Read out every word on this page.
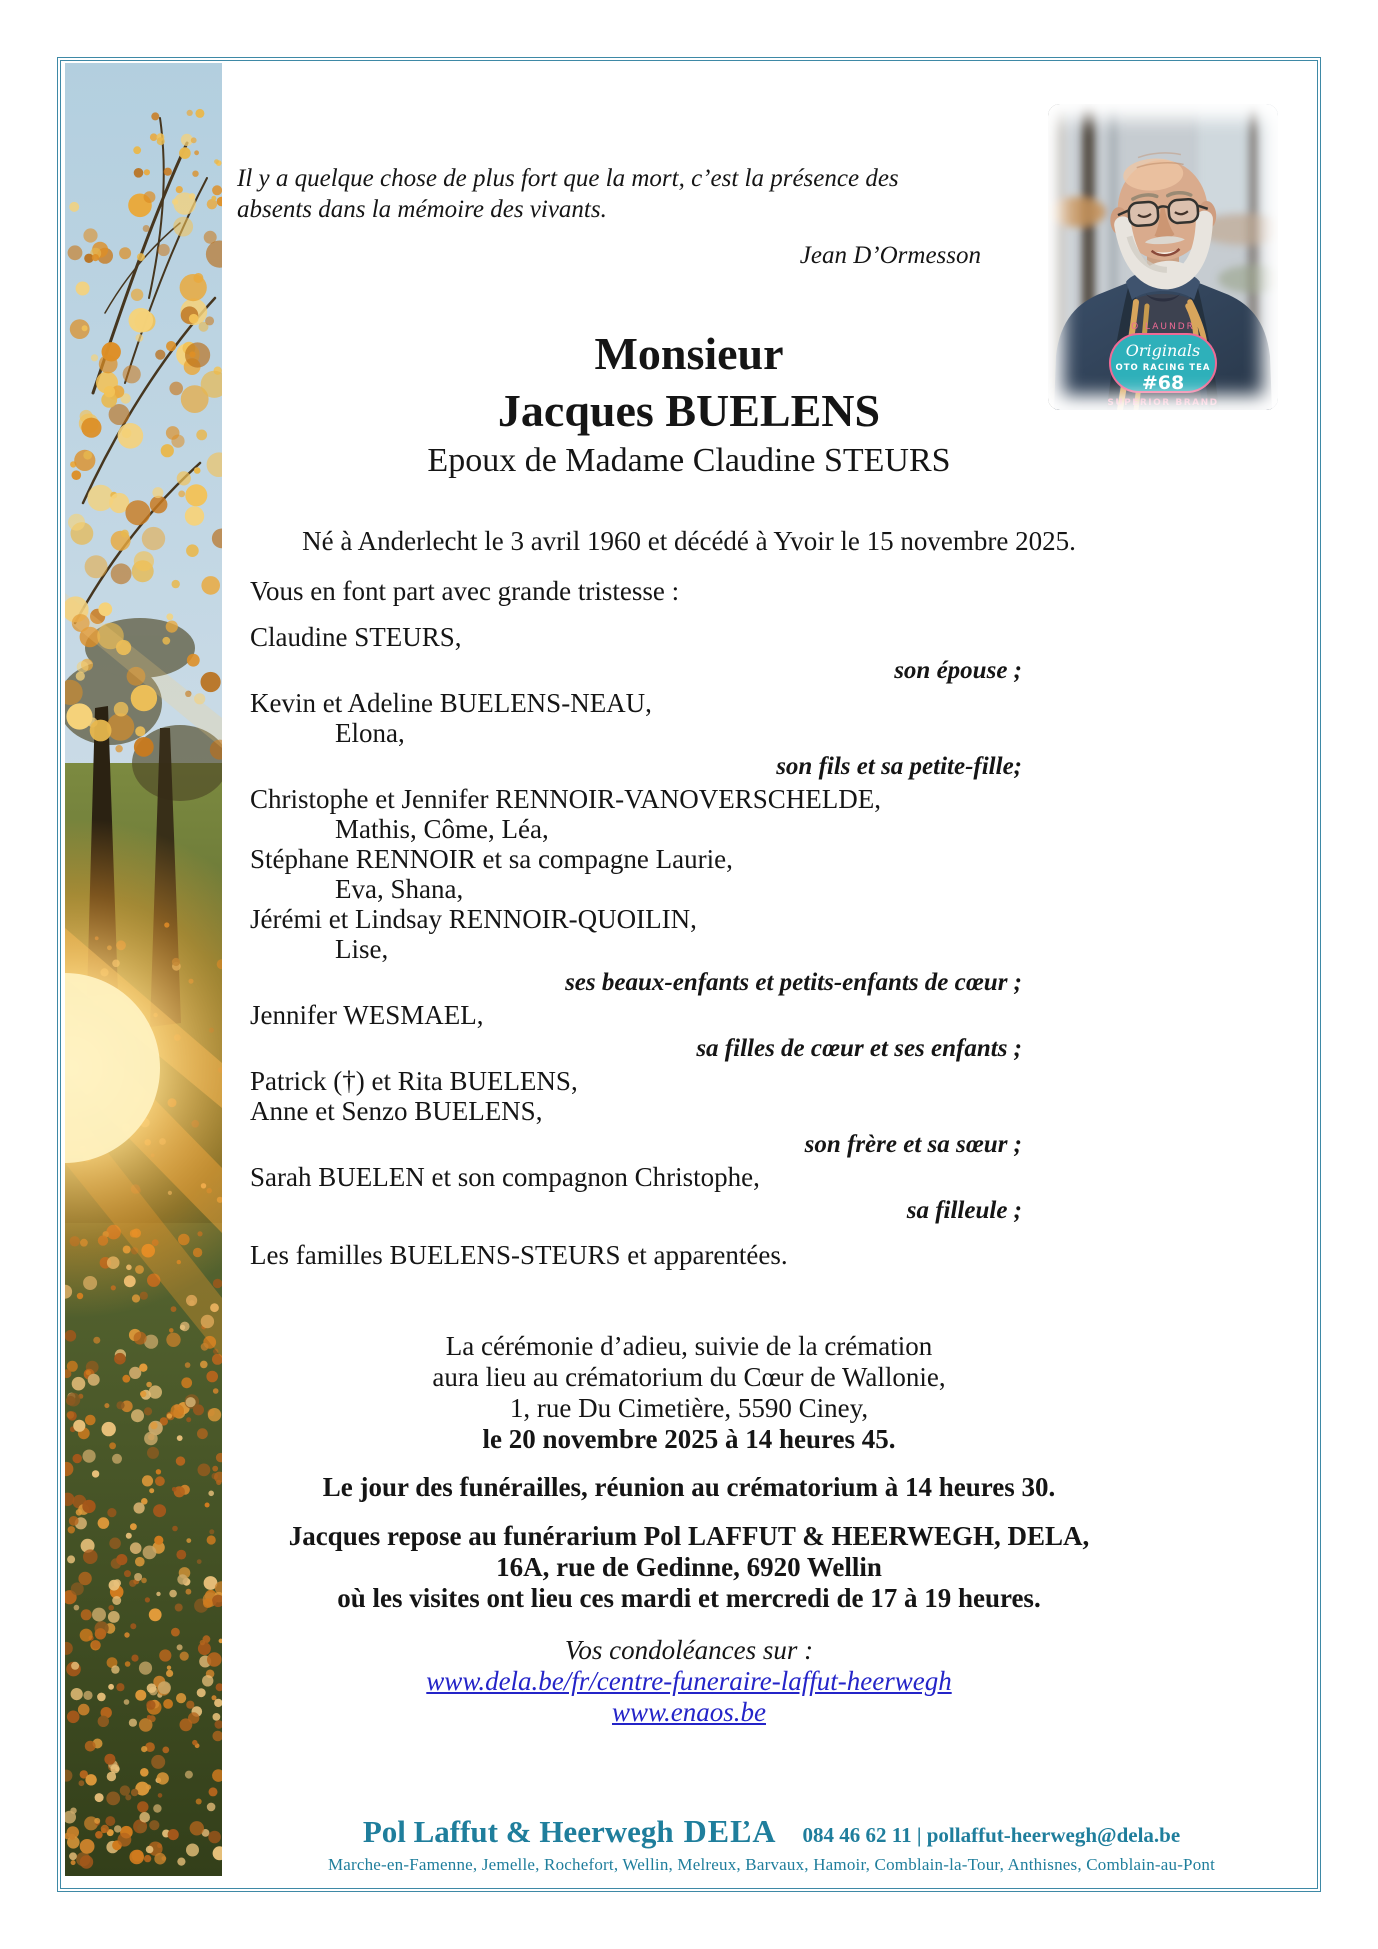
O LAUNDR
Originals
OTO RACING TEA
#68
SUPERIOR BRAND
Il y a quelque chose de plus fort que la mort, c’est la présence des
absents dans la mémoire des vivants.
Jean D’Ormesson
Monsieur
Jacques BUELENS
Epoux de Madame Claudine STEURS
Né à Anderlecht le 3 avril 1960 et décédé à Yvoir le 15 novembre 2025.
Vous en font part avec grande tristesse :
Claudine STEURS,
son épouse ;
Kevin et Adeline BUELENS-NEAU,
Elona,
son fils et sa petite-fille;
Christophe et Jennifer RENNOIR-VANOVERSCHELDE,
Mathis, Côme, Léa,
Stéphane RENNOIR et sa compagne Laurie,
Eva, Shana,
Jérémi et Lindsay RENNOIR-QUOILIN,
Lise,
ses beaux-enfants et petits-enfants de cœur ;
Jennifer WESMAEL,
sa filles de cœur et ses enfants ;
Patrick (†) et Rita BUELENS,
Anne et Senzo BUELENS,
son frère et sa sœur ;
Sarah BUELEN et son compagnon Christophe,
sa filleule ;
Les familles BUELENS-STEURS et apparentées.
La cérémonie d’adieu, suivie de la crémation
aura lieu au crématorium du Cœur de Wallonie,
1, rue Du Cimetière, 5590 Ciney,
le 20 novembre 2025 à 14 heures 45.
Le jour des funérailles, réunion au crématorium à 14 heures 30.
Jacques repose au funérarium Pol LAFFUT & HEERWEGH, DELA,
16A, rue de Gedinne, 6920 Wellin
où les visites ont lieu ces mardi et mercredi de 17 à 19 heures.
Vos condoléances sur :
www.dela.be/fr/centre-funeraire-laffut-heerwegh
www.enaos.be
Pol Laffut & Heerwegh DEĽA 084 46 62 11 | pollaffut-heerwegh@dela.be
Marche-en-Famenne, Jemelle, Rochefort, Wellin, Melreux, Barvaux, Hamoir, Comblain-la-Tour, Anthisnes, Comblain-au-Pont
